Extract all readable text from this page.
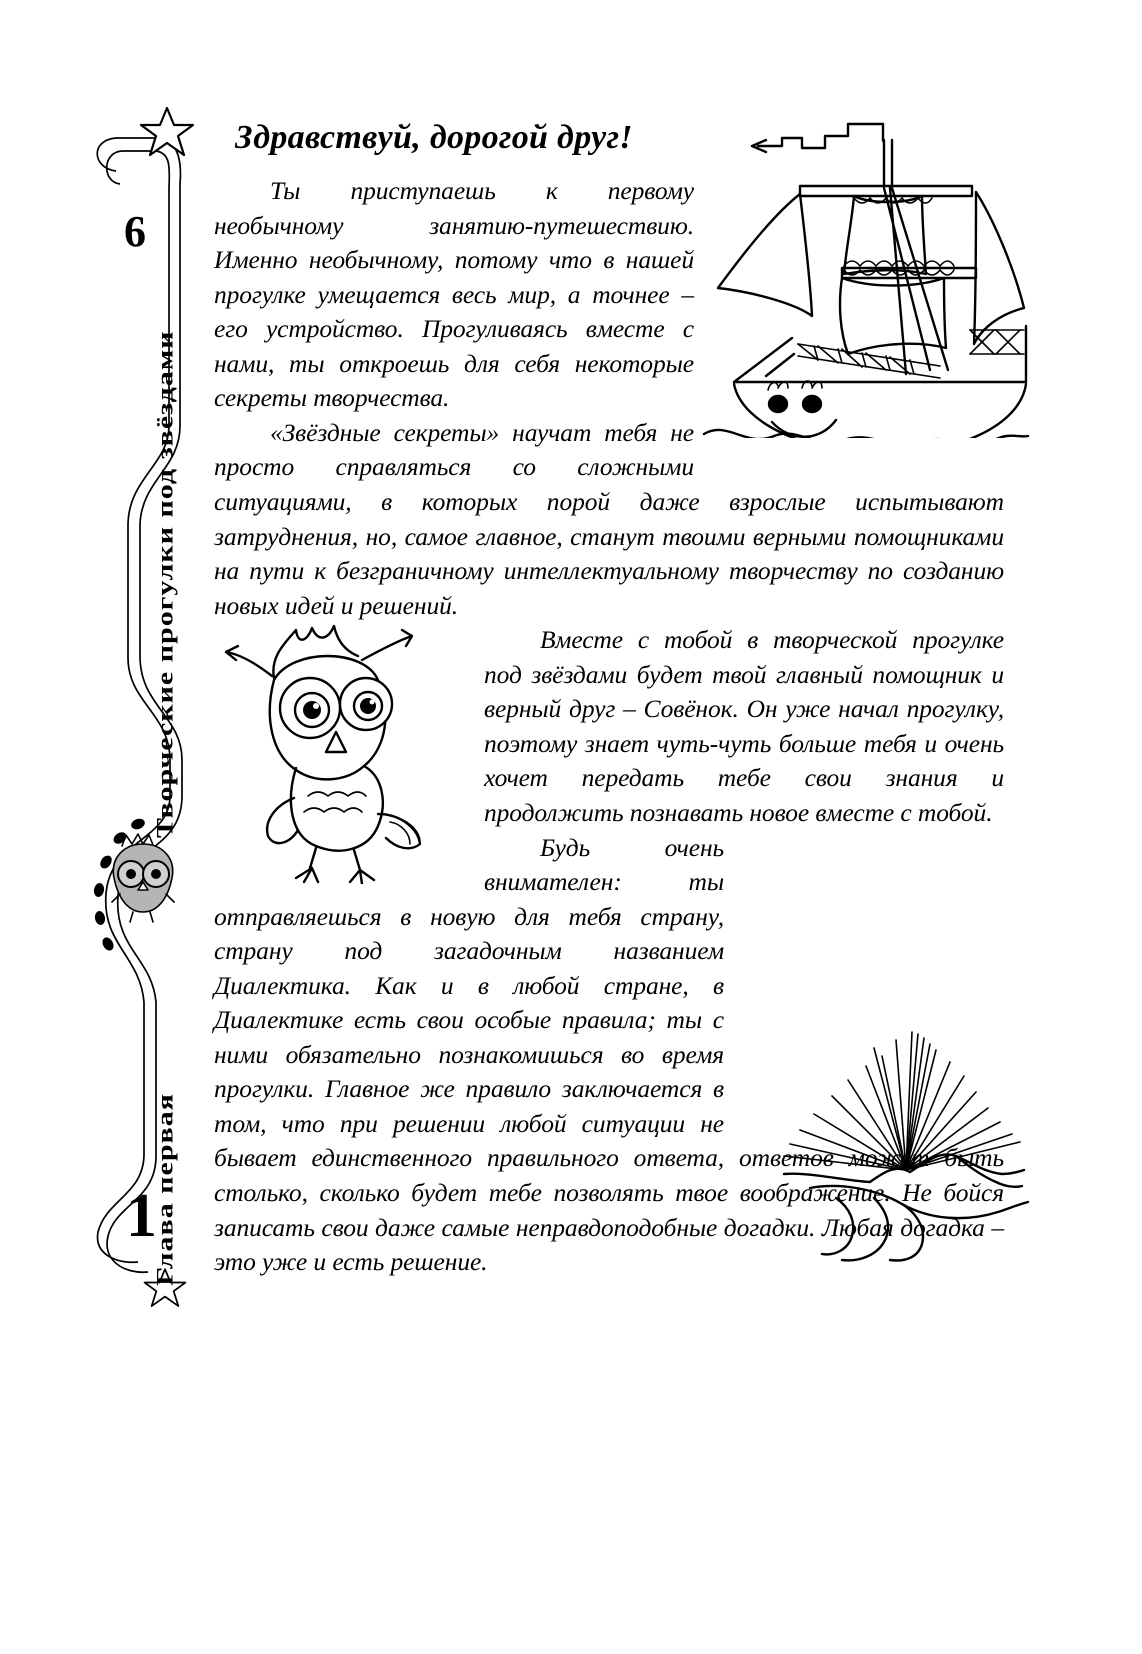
6
Творческие прогулки под звёздами
Глава первая
1
Здравствуй, дорогой друг!

Ты приступаешь к первому необычному занятию-путешествию. Именно необычному, потому что в нашей прогулке умещается весь мир, а точнее – его устройство. Прогуливаясь вместе с нами, ты откроешь для себя некоторые секреты творчества.

«Звёздные секреты» научат тебя не просто справляться со сложными ситуациями, в которых порой даже взрослые испытывают затруднения, но, самое главное, станут твоими верными помощниками на пути к безграничному интеллектуальному творчеству по созданию новых идей и решений.

Вместе с тобой в творческой прогулке под звёздами будет твой главный помощник и верный друг – Совёнок. Он уже начал прогулку, поэтому знает чуть-чуть больше тебя и очень хочет передать тебе свои знания и продолжить познавать новое вместе с тобой.

Будь очень внимателен: ты отправляешься в новую для тебя страну, страну под загадочным названием Диалектика. Как и в любой стране, в Диалектике есть свои особые правила; ты с ними обязательно познакомишься во время прогулки. Главное же правило заключается в том, что при решении любой ситуации не бывает единственного правильного ответа, ответов может быть столько, сколько будет тебе позволять твое воображение. Не бойся записать свои даже самые неправдоподобные догадки. Любая догадка – это уже и есть решение.
